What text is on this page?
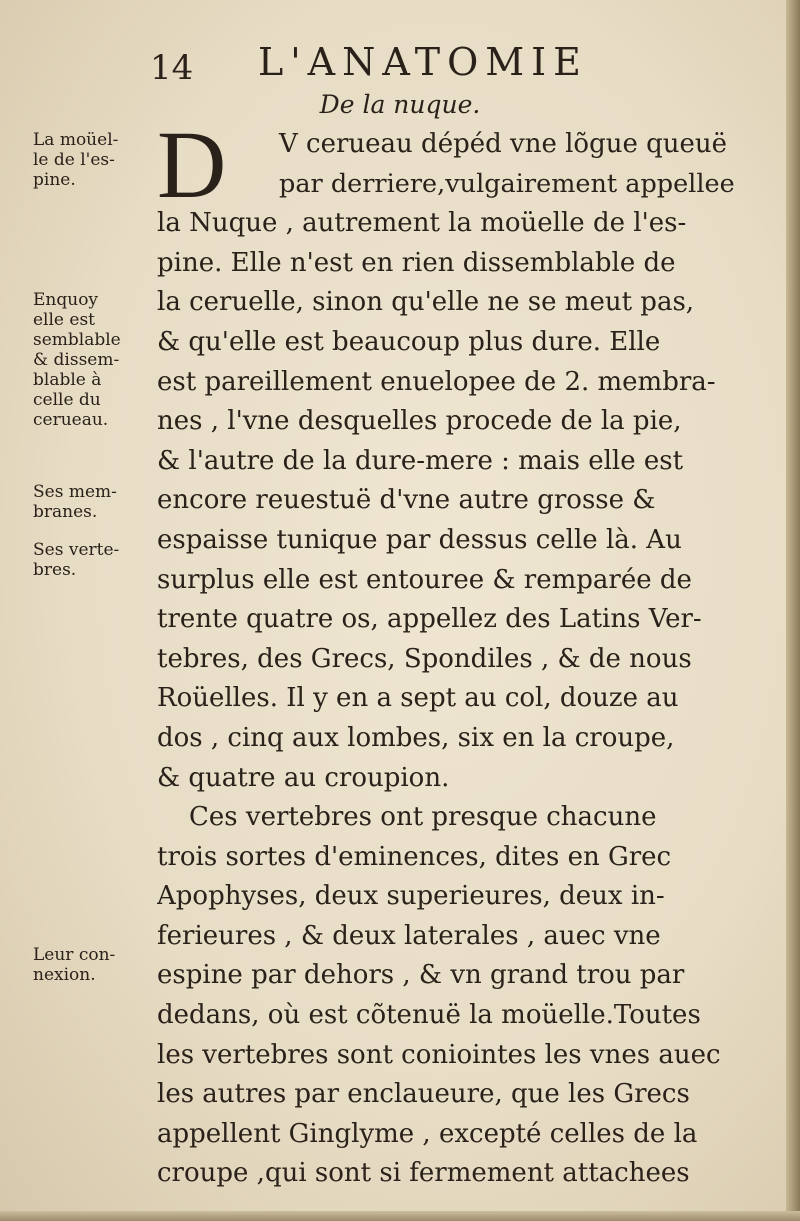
14 L'ANATOMIE
De la nuque.
La moüel-
le de l'es-
pine.
Enquoy
elle est
semblable
& dissem-
blable à
celle du
cerueau.
Ses mem-
branes.
Ses verte-
bres.
Leur con-
nexion.
D	V cerueau dépéd vne lõgue queuë
par derriere,vulgairement appellee
la Nuque , autrement la moüelle de l'es-
pine. Elle n'est en rien dissemblable de
la ceruelle, sinon qu'elle ne se meut pas,
& qu'elle est beaucoup plus dure. Elle
est pareillement enuelopee de 2. membra-
nes , l'vne desquelles procede de la pie,
& l'autre de la dure-mere : mais elle est
encore reuestuë d'vne autre grosse &
espaisse tunique par dessus celle là. Au
surplus elle est entouree & remparée de
trente quatre os, appellez des Latins Ver-
tebres, des Grecs, Spondiles , & de nous
Roüelles. Il y en a sept au col, douze au
dos , cinq aux lombes, six en la croupe,
& quatre au croupion.
Ces vertebres ont presque chacune
trois sortes d'eminences, dites en Grec
Apophyses, deux superieures, deux in-
ferieures , & deux laterales , auec vne
espine par dehors , & vn grand trou par
dedans, où est cõtenuë la moüelle.Toutes
les vertebres sont coniointes les vnes auec
les autres par enclaueure, que les Grecs
appellent Ginglyme , excepté celles de la
croupe ,qui sont si fermement attachees
